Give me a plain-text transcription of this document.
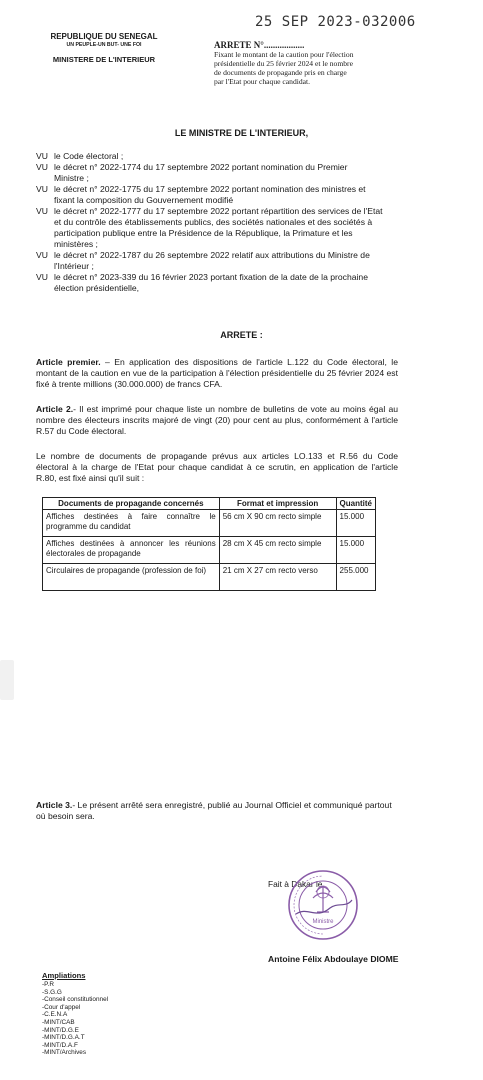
25 SEP 2023-032006
REPUBLIQUE DU SENEGAL
UN PEUPLE-UN BUT- UNE FOI
MINISTERE DE L'INTERIEUR
ARRETE N°..................
Fixant le montant de la caution pour l'élection présidentielle du 25 février 2024 et le nombre de documents de propagande pris en charge par l'Etat pour chaque candidat.
LE MINISTRE DE L'INTERIEUR,
VU le Code électoral ;
VU le décret n° 2022-1774 du 17 septembre 2022 portant nomination du Premier
Ministre ;
VU le décret n° 2022-1775 du 17 septembre 2022 portant nomination des ministres et
fixant la composition du Gouvernement modifié
VU le décret n° 2022-1777 du 17 septembre 2022 portant répartition des services de l'Etat
et du contrôle des établissements publics, des sociétés nationales et des sociétés à
participation publique entre la Présidence de la République, la Primature et les
ministères ;
VU le décret n° 2022-1787 du 26 septembre 2022 relatif aux attributions du Ministre de
l'Intérieur ;
VU le décret n° 2023-339 du 16 février 2023 portant fixation de la date de la prochaine
élection présidentielle,
ARRETE :
Article premier. – En application des dispositions de l'article L.122 du Code électoral, le montant de la caution en vue de la participation à l'élection présidentielle du 25 février 2024 est fixé à trente millions (30.000.000) de francs CFA.
Article 2.- Il est imprimé pour chaque liste un nombre de bulletins de vote au moins égal au nombre des électeurs inscrits majoré de vingt (20) pour cent au plus, conformément à l'article R.57 du Code électoral.
Le nombre de documents de propagande prévus aux articles LO.133 et R.56 du Code électoral à la charge de l'Etat pour chaque candidat à ce scrutin, en application de l'article R.80, est fixé ainsi qu'il suit :
Documents de propagande concernés	Format et impression	Quantité
Affiches destinées à faire connaître le programme du candidat	56 cm X 90 cm recto simple	15.000
Affiches destinées à annoncer les réunions électorales de propagande	28 cm X 45 cm recto simple	15.000
Circulaires de propagande (profession de foi)	21 cm X 27 cm recto verso	255.000
Article 3.- Le présent arrêté sera enregistré, publié au Journal Officiel et communiqué partout où besoin sera.
Fait à Dakar le
Ministre
Antoine Félix Abdoulaye DIOME
Ampliations
-P.R
-S.G.G
-Conseil constitutionnel
-Cour d'appel
-C.E.N.A
-MINT/CAB
-MINT/D.G.E
-MINT/D.G.A.T
-MINT/D.A.F
-MINT/Archives
